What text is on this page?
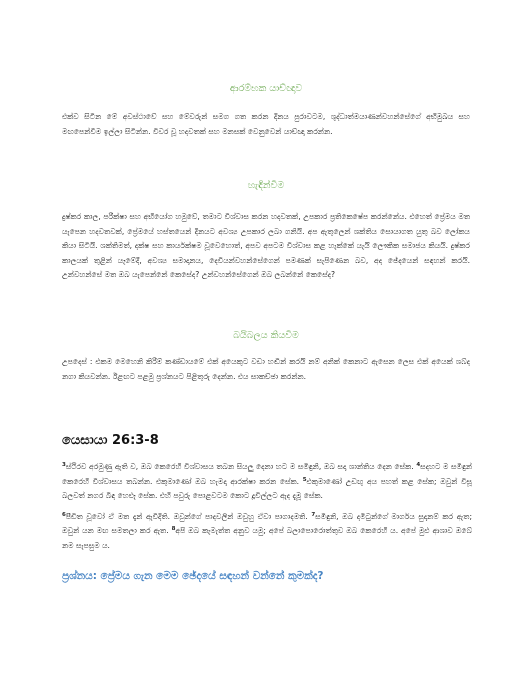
ආරම්භක යාච්ඥාව
එක්ව සිටින මේ අවස්ථාවේ සහ මේවරුන් සමග ගත කරන දිනය පුරාවටම, ශුද්ධාත්මයාණන්වහන්සේගේ අභිමුඛය සහ මඟපෙන්වීම ඉල්ලා සිටින්න. විවර වූ හදවතක් සහ මනසක් වෙනුවෙන් යාච්ඥා කරන්න.
හැඳින්වීම
දුෂ්කර කාල, පරීක්ෂා සහ අභියෝග හමුවේ, තමාට විශ්වාස කරන හදවතක්, උපකාර ප්‍රතිකෙෂේප කරන්නේය. එහෙත් ප්‍රේමය මත යැපෙන හදවතවක්, ප්‍රේමයේ හස්තයෙන් දිනයට අවශ්‍ය උපකාර ලබා ගනියි. අප ඇතුලෙන් ශක්තිය සොයාගත යුතු බව ලෝකය කියා සිටියි. ශක්තිමත්, දක්ෂ සහ කාර්යක්ෂම වූවෙහොත්, අපව අපටම විශ්වාස කළ හැක්කේ යැයි ලෞකික සමාජය කියයි. දුෂ්කර කාලයක් තුළින් යෑමේදී, අවශ්‍ය සමාදානය, දෙවියන්වහන්සේගෙන් පමණක් සැපිණෙන බව, අද ඡේදයෙන් සඳහන් කරයි. උන්වහන්සේ මත ඔබ යැපෙන්නේ කෙසේද? උන්වහන්සේගෙන් ඔබ ලබන්නේ කෙසේද?
බයිබලය කියවීම
උපදෙස් : එකම මෙහෙනි කිරීම් කණ්ඩායමේ එක් අයෙකුට වඩා හඬින් කරයි නම් අනික් කෙනාට ඇසෙන ලෙස එක් අයෙක් ශබ්ද නගා කියවන්න. ඊළඟට පළමු ප්‍රශ්නයට පිළිතුරු දෙන්න. එය සාකච්ඡා කරන්න.
යෙසායා 26:3-8

$^3$ස්ථිරව අරමුණු ඇති ව, ඔබ කෙරෙහි විශ්වාසය තබන සියලු දෙනා හට ම සමිඳුනි, ඔබ සදා ශාන්තිය දෙන සේක. $^4$සදහට ම සමිඳුන් කෙරෙහි විශ්වාසය තබන්න. එකුමාණෝ ඔබ හැමදා ආරක්ෂා කරන සේක. $^5$එකුමාණෝ උඩඟු අය පහත් කළ සේක; ඔවුන් විසූ බලවත් නගර බිඳ හෙළූ සේක. එහි පවුරු පොළවටම කොට දූවිල්ලට ඇද දැමූ සේක.

$^6$පීඩිත වූවෝ ඒ මත දැන් ඇවිදිති. ඔවුන්ගේ පාදවලින් ඔවුහු ඒවා පාගාදමති. $^7$සමිඳුනි, ඔබ දමිටුන්ගේ මාර්ගය සුදානම් කර ඇත; ඔවුන් යන මඟ සමතලා කර ඇත. $^8$අපි ඔබ කැමැත්ත අනුව යමු; අපේ බලාපොරොත්තුව ඔබ කෙරෙහි ය. අපේ මුළු ආශාව ඔබේ නම සැපසුම ය.

ප්‍රශ්නය: ප්‍රේමය ගැන මෙම ඡේදයේ සඳහන් වන්නේ කුමක්ද?
